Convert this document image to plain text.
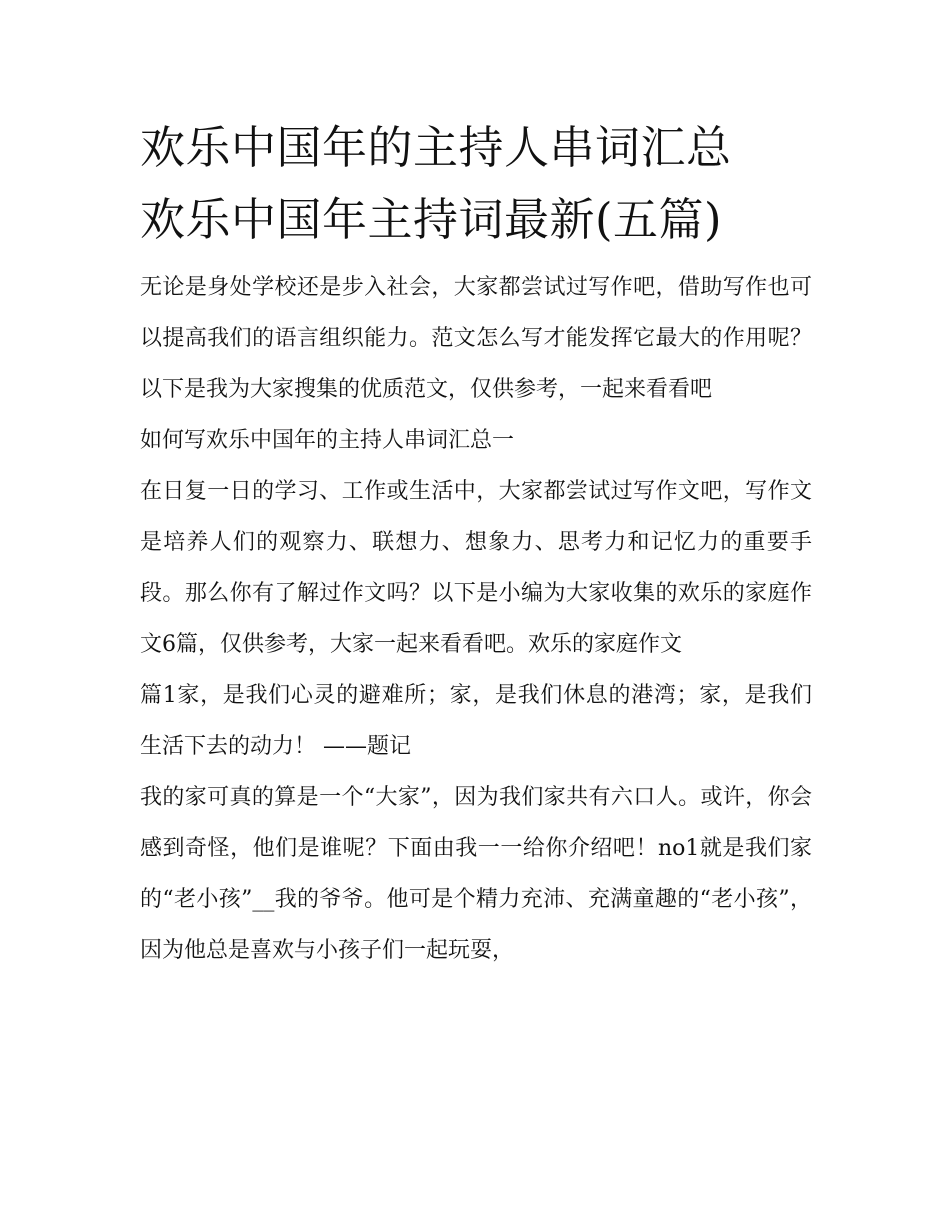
欢乐中国年的主持人串词汇总
欢乐中国年主持词最新(五篇)

无论是身处学校还是步入社会，大家都尝试过写作吧，借助写作也可以提高我们的语言组织能力。范文怎么写才能发挥它最大的作用呢？以下是我为大家搜集的优质范文，仅供参考，一起来看看吧

如何写欢乐中国年的主持人串词汇总一

在日复一日的学习、工作或生活中，大家都尝试过写作文吧，写作文是培养人们的观察力、联想力、想象力、思考力和记忆力的重要手段。那么你有了解过作文吗？以下是小编为大家收集的欢乐的家庭作文6篇，仅供参考，大家一起来看看吧。欢乐的家庭作文

篇1家，是我们心灵的避难所；家，是我们休息的港湾；家，是我们生活下去的动力！ ——题记

我的家可真的算是一个“大家”，因为我们家共有六口人。或许，你会感到奇怪，他们是谁呢？下面由我一一给你介绍吧！no1就是我们家的“老小孩”__我的爷爷。他可是个精力充沛、充满童趣的“老小孩”，因为他总是喜欢与小孩子们一起玩耍，
